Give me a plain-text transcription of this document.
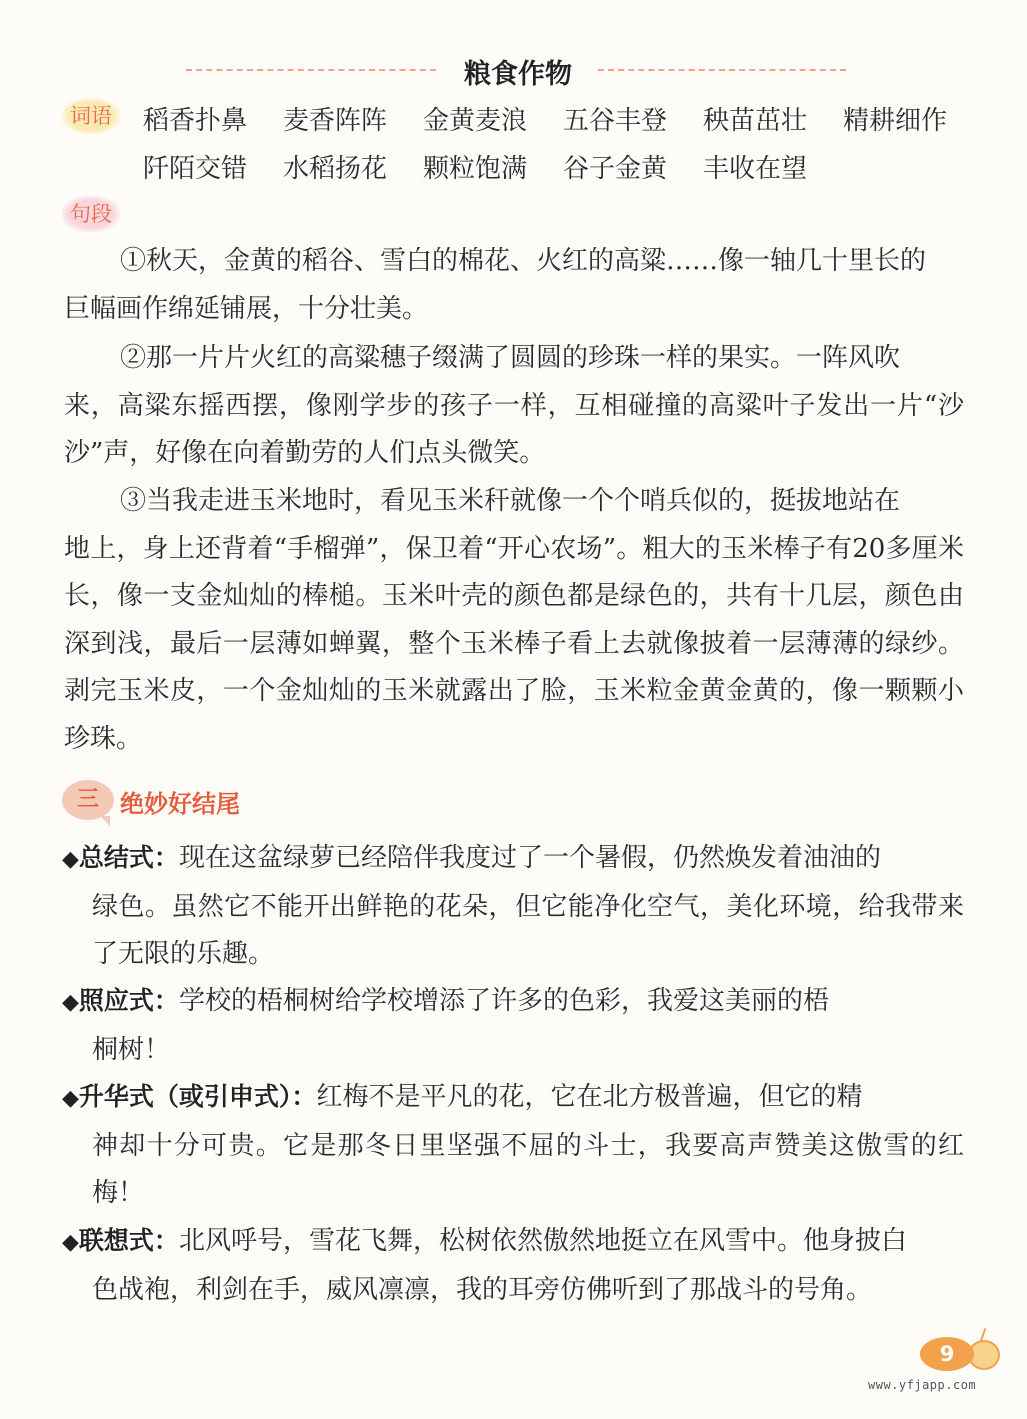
粮食作物
词语	稻香扑鼻 麦香阵阵 金黄麦浪 五谷丰登 秧苗茁壮 精耕细作
阡陌交错 水稻扬花 颗粒饱满 谷子金黄 丰收在望
句段
①秋天，金黄的稻谷、雪白的棉花、火红的高粱……像一轴几十里长的
巨幅画作绵延铺展，十分壮美。
②那一片片火红的高粱穗子缀满了圆圆的珍珠一样的果实。一阵风吹
来，高粱东摇西摆，像刚学步的孩子一样，互相碰撞的高粱叶子发出一片“沙沙”声，好像在向着勤劳的人们点头微笑。
③当我走进玉米地时，看见玉米秆就像一个个哨兵似的，挺拔地站在
地上，身上还背着“手榴弹”，保卫着“开心农场”。粗大的玉米棒子有20多厘米长，像一支金灿灿的棒槌。玉米叶壳的颜色都是绿色的，共有十几层，颜色由深到浅，最后一层薄如蝉翼，整个玉米棒子看上去就像披着一层薄薄的绿纱。剥完玉米皮，一个金灿灿的玉米就露出了脸，玉米粒金黄金黄的，像一颗颗小珍珠。
三 绝妙好结尾
◆总结式：现在这盆绿萝已经陪伴我度过了一个暑假，仍然焕发着油油的
绿色。虽然它不能开出鲜艳的花朵，但它能净化空气，美化环境，给我带来了无限的乐趣。
◆照应式：学校的梧桐树给学校增添了许多的色彩，我爱这美丽的梧
桐树！
◆升华式（或引申式）：红梅不是平凡的花，它在北方极普遍，但它的精
神却十分可贵。它是那冬日里坚强不屈的斗士，我要高声赞美这傲雪的红梅！
◆联想式：北风呼号，雪花飞舞，松树依然傲然地挺立在风雪中。他身披白
色战袍，利剑在手，威风凛凛，我的耳旁仿佛听到了那战斗的号角。
9
www.yfjapp.com
